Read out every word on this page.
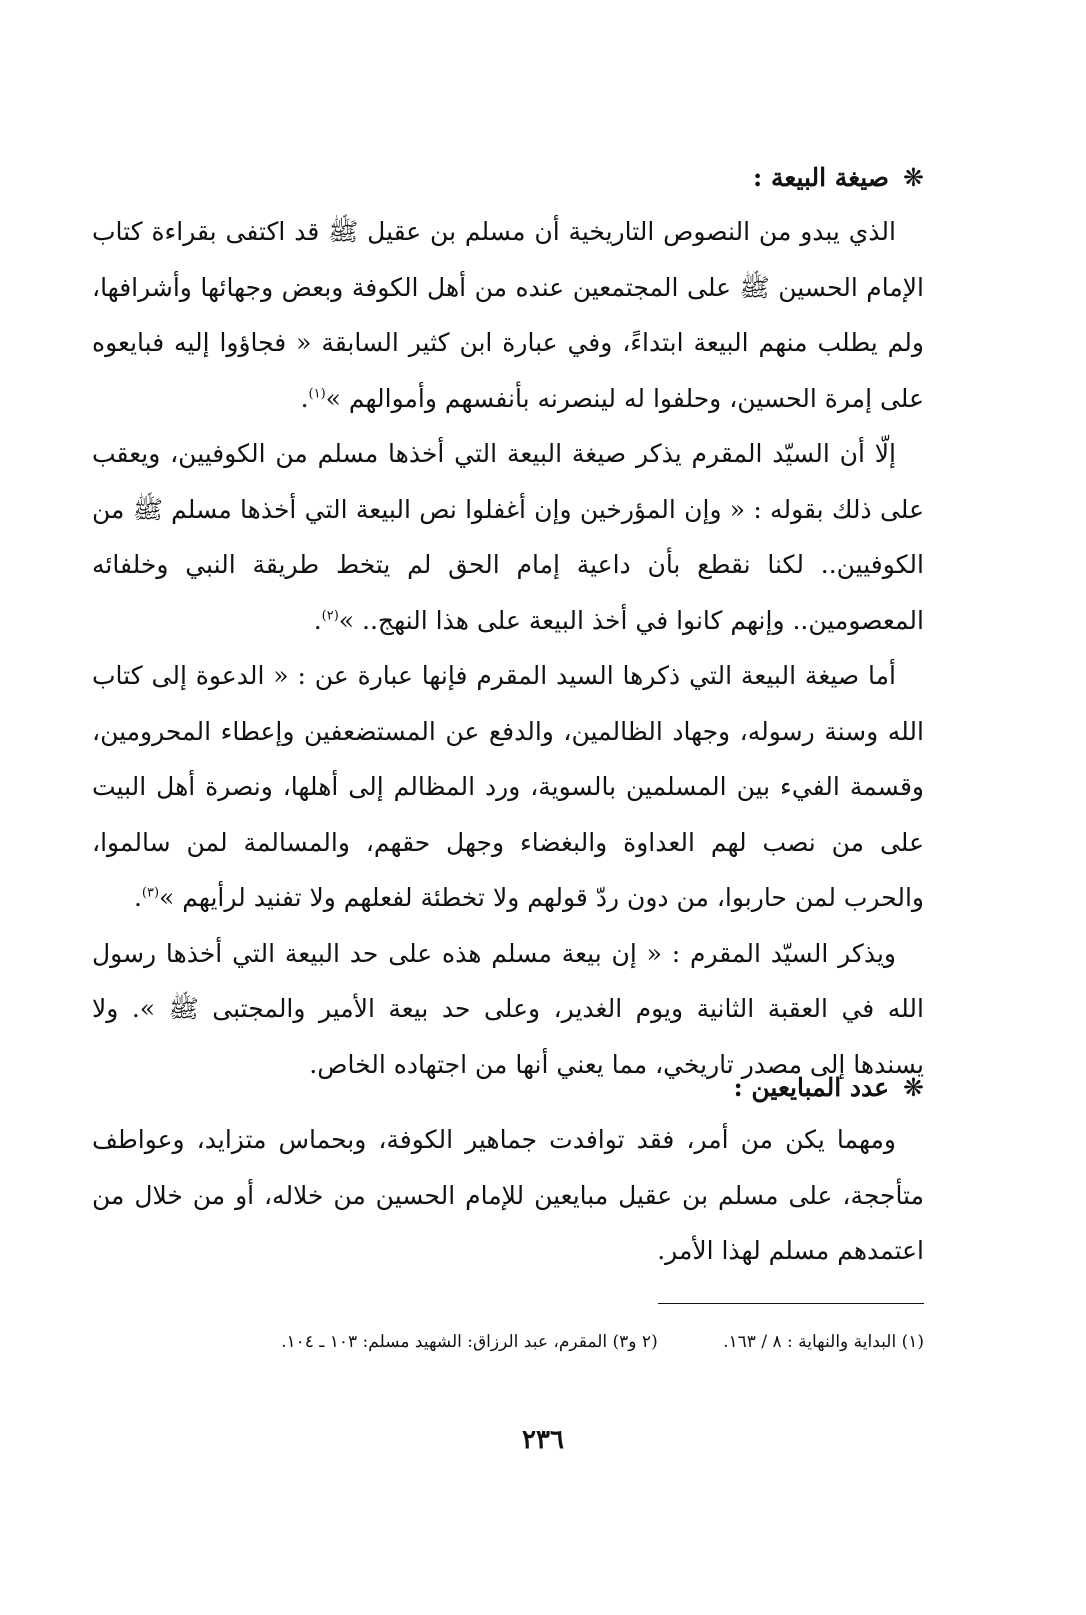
❋صيغة البيعة :

الذي يبدو من النصوص التاريخية أن مسلم بن عقيل ﷺ قد اكتفى بقراءة كتاب الإمام الحسين ﷺ على المجتمعين عنده من أهل الكوفة وبعض وجهائها وأشرافها، ولم يطلب منهم البيعة ابتداءً، وفي عبارة ابن كثير السابقة « فجاؤوا إليه فبايعوه على إمرة الحسين، وحلفوا له لينصرنه بأنفسهم وأموالهم »$^{(١)}$.

إلّا أن السيّد المقرم يذكر صيغة البيعة التي أخذها مسلم من الكوفيين، ويعقب على ذلك بقوله : « وإن المؤرخين وإن أغفلوا نص البيعة التي أخذها مسلم ﷺ من الكوفيين.. لكنا نقطع بأن داعية إمام الحق لم يتخط طريقة النبي وخلفائه المعصومين.. وإنهم كانوا في أخذ البيعة على هذا النهج.. »$^{(٢)}$.

أما صيغة البيعة التي ذكرها السيد المقرم فإنها عبارة عن : « الدعوة إلى كتاب الله وسنة رسوله، وجهاد الظالمين، والدفع عن المستضعفين وإعطاء المحرومين، وقسمة الفيء بين المسلمين بالسوية، ورد المظالم إلى أهلها، ونصرة أهل البيت على من نصب لهم العداوة والبغضاء وجهل حقهم، والمسالمة لمن سالموا، والحرب لمن حاربوا، من دون ردّ قولهم ولا تخطئة لفعلهم ولا تفنيد لرأيهم »$^{(٣)}$.

ويذكر السيّد المقرم : « إن بيعة مسلم هذه على حد البيعة التي أخذها رسول الله في العقبة الثانية ويوم الغدير، وعلى حد بيعة الأمير والمجتبى ﷺ ». ولا يسندها إلى مصدر تاريخي، مما يعني أنها من اجتهاده الخاص.

❋عدد المبايعين :

ومهما يكن من أمر، فقد توافدت جماهير الكوفة، وبحماس متزايد، وعواطف متأججة، على مسلم بن عقيل مبايعين للإمام الحسين من خلاله، أو من خلال من اعتمدهم مسلم لهذا الأمر.

(١) البداية والنهاية : ٨ / ١٦٣. (٢ و٣) المقرم، عبد الرزاق: الشهيد مسلم: ١٠٣ ـ ١٠٤.
٢٣٦
